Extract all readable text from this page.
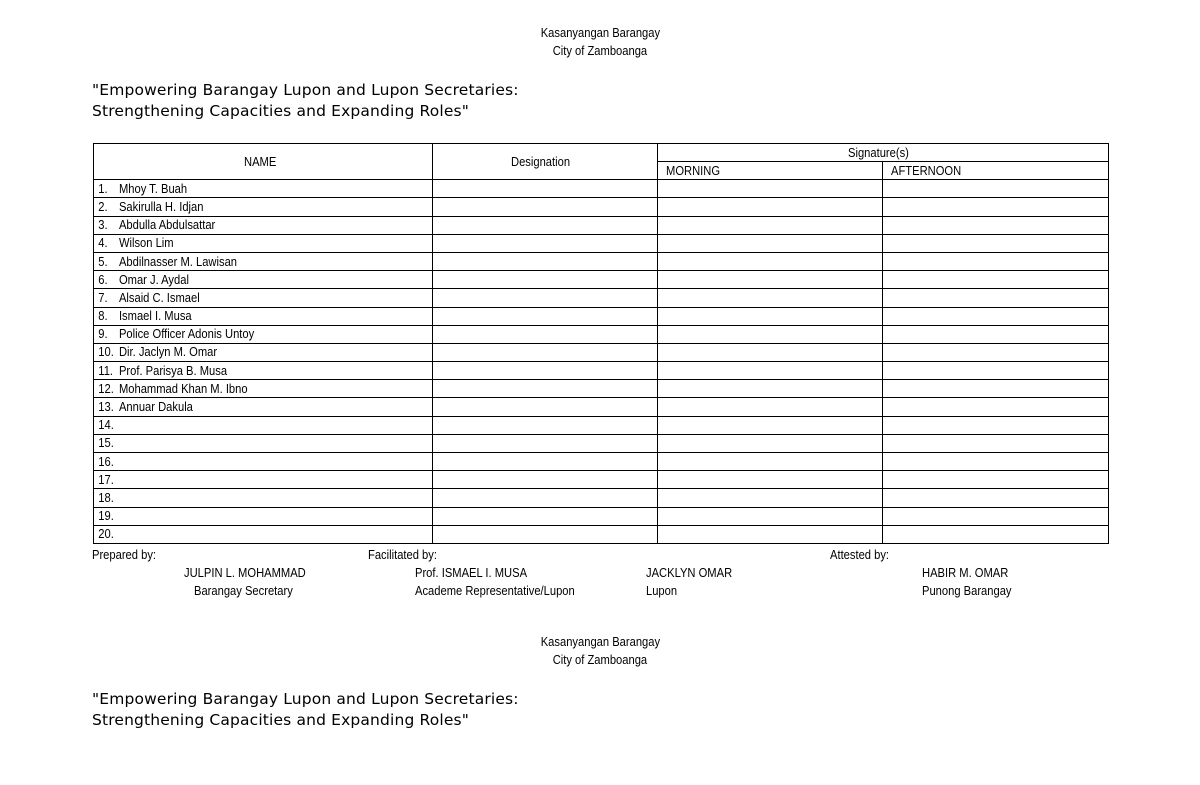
Kasanyangan Barangay
City of Zamboanga
"Empowering Barangay Lupon and Lupon Secretaries:
Strengthening Capacities and Expanding Roles"
NAME	Designation	Signature(s)	
		MORNING	AFTERNOON
1. Mhoy T. Buah			
2. Sakirulla H. Idjan			
3. Abdulla Abdulsattar			
4. Wilson Lim			
5. Abdilnasser M. Lawisan			
6. Omar J. Aydal			
7. Alsaid C. Ismael			
8. Ismael I. Musa			
9. Police Officer Adonis Untoy			
10. Dir. Jaclyn M. Omar			
11. Prof. Parisya B. Musa			
12. Mohammad Khan M. Ibno			
13. Annuar Dakula			
14.			
15.			
16.			
17.			
18.			
19.			
20.			
Prepared by:	Facilitated by:	Attested by:
JULPIN L. MOHAMMAD
Barangay Secretary
Prof. ISMAEL I. MUSA
Academe Representative/Lupon
JACKLYN OMAR
Lupon
HABIR M. OMAR
Punong Barangay
Kasanyangan Barangay
City of Zamboanga
"Empowering Barangay Lupon and Lupon Secretaries:
Strengthening Capacities and Expanding Roles"
